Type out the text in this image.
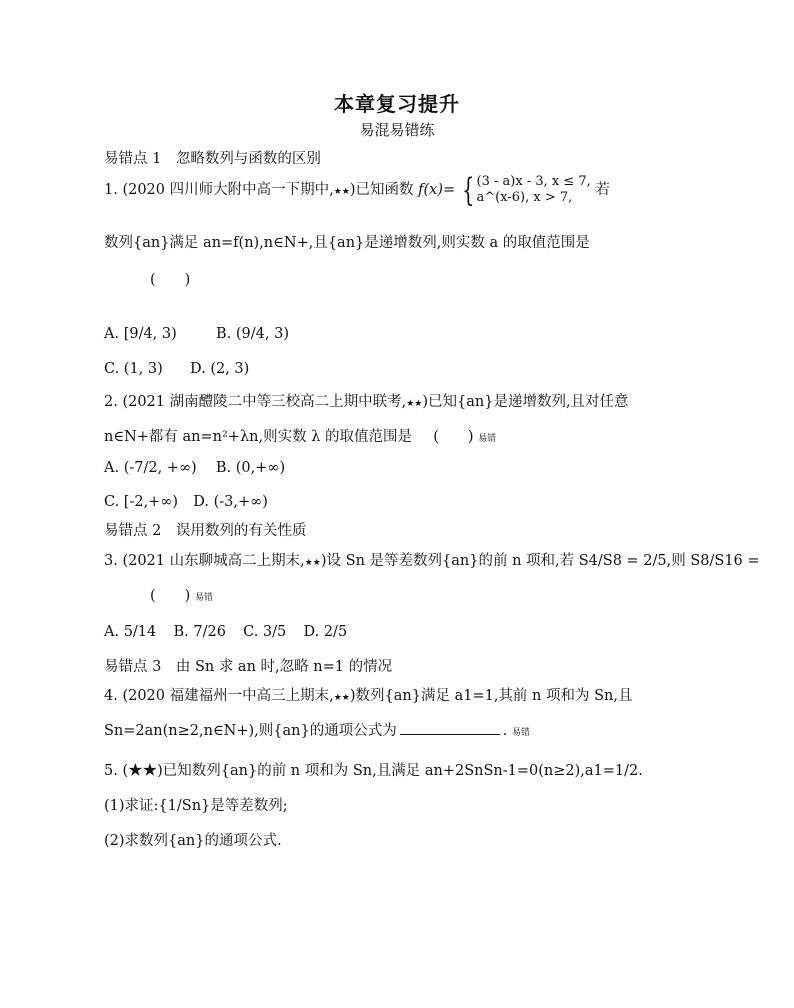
本章复习提升
易混易错练
易错点 1　忽略数列与函数的区别
1. (2020 四川师大附中高一下期中,★★)已知函数 f(x)= { (3 - a)x - 3, x ≤ 7,
a^(x-6), x > 7,	若
数列{an}满足 an=f(n),n∈N+,且{an}是递增数列,则实数 a 的取值范围是
(　　)
A. [9/4, 3)	B. (9/4, 3)
C. (1, 3) D. (2, 3)
2. (2021 湖南醴陵二中等三校高二上期中联考,★★)已知{an}是递增数列,且对任意
n∈N+都有 an=n²+λn,则实数 λ 的取值范围是 (　　) 易错
A. (-7/2, +∞) B. (0,+∞)
C. [-2,+∞) D. (-3,+∞)
易错点 2　误用数列的有关性质
3. (2021 山东聊城高二上期末,★★)设 Sn 是等差数列{an}的前 n 项和,若 S4/S8 = 2/5,则 S8/S16 =
(　　) 易错
A. 5/14 B. 7/26 C. 3/5 D. 2/5
易错点 3　由 Sn 求 an 时,忽略 n=1 的情况
4. (2020 福建福州一中高三上期末,★★)数列{an}满足 a1=1,其前 n 项和为 Sn,且
Sn=2an(n≥2,n∈N+),则{an}的通项公式为	. 易错
5. (★★)已知数列{an}的前 n 项和为 Sn,且满足 an+2SnSn-1=0(n≥2),a1=1/2.
(1)求证:{1/Sn}是等差数列;
(2)求数列{an}的通项公式.
